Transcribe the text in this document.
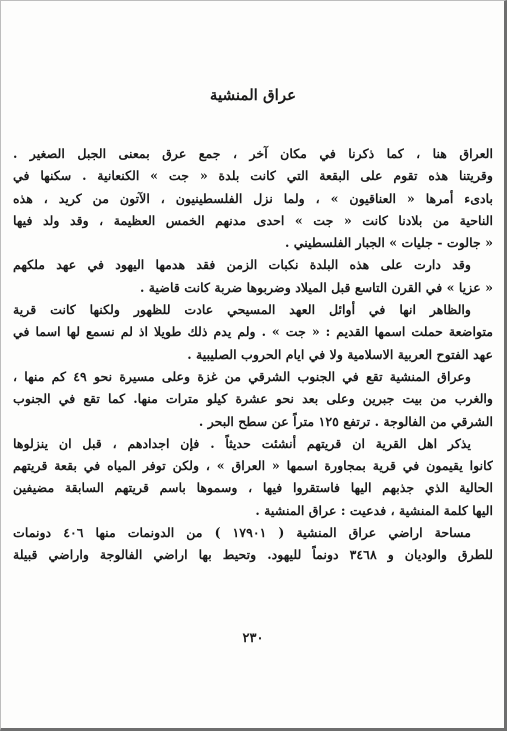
عراق المنشية
العراق هنا ، كما ذكرنا في مكان آخر ، جمع عرق بمعنى الجبل الصغير .
وقريتنا هذه تقوم على البقعة التي كانت بلدة « جت » الكنعانية . سكنها في
بادىء أمرها « العناقيون » ، ولما نزل الفلسطينيون ، الآتون من كريد ، هذه
الناحية من بلادنا كانت « جت » احدى مدنهم الخمس العظيمة ، وقد ولد فيها
« جالوت - جليات » الجبار الفلسطيني .
وقد دارت على هذه البلدة نكبات الزمن فقد هدمها اليهود في عهد ملكهم
« عزيا » في القرن التاسع قبل الميلاد وضربوها ضربة كانت قاضية .
والظاهر انها في أوائل العهد المسيحي عادت للظهور ولكنها كانت قرية
متواضعة حملت اسمها القديم : « جت » . ولم يدم ذلك طويلا اذ لم نسمع لها اسما في
عهد الفتوح العربية الاسلامية ولا في ايام الحروب الصليبية .
وعراق المنشية تقع في الجنوب الشرقي من غزة وعلى مسيرة نحو ٤٩ كم منها ،
والغرب من بيت جبرين وعلى بعد نحو عشرة كيلو مترات منها. كما تقع في الجنوب
الشرقي من الفالوجة . ترتفع ١٢٥ متراً عن سطح البحر .
يذكر اهل القرية ان قريتهم أنشئت حديثاً . فإن اجدادهم ، قبل ان ينزلوها
كانوا يقيمون في قرية بمجاورة اسمها « العراق » ، ولكن توفر المياه في بقعة قريتهم
الحالية الذي جذبهم اليها فاستقروا فيها ، وسموها باسم قريتهم السابقة مضيفين
اليها كلمة المنشية ، فدعيت : عراق المنشية .
مساحة اراضي عراق المنشية ( ١٧٩٠١ ) من الدونمات منها ٤٠٦ دونمات
للطرق والوديان و ٣٤٦٨ دونماً لليهود. وتحيط بها اراضي الفالوجة واراضي قبيلة
٢٣٠
